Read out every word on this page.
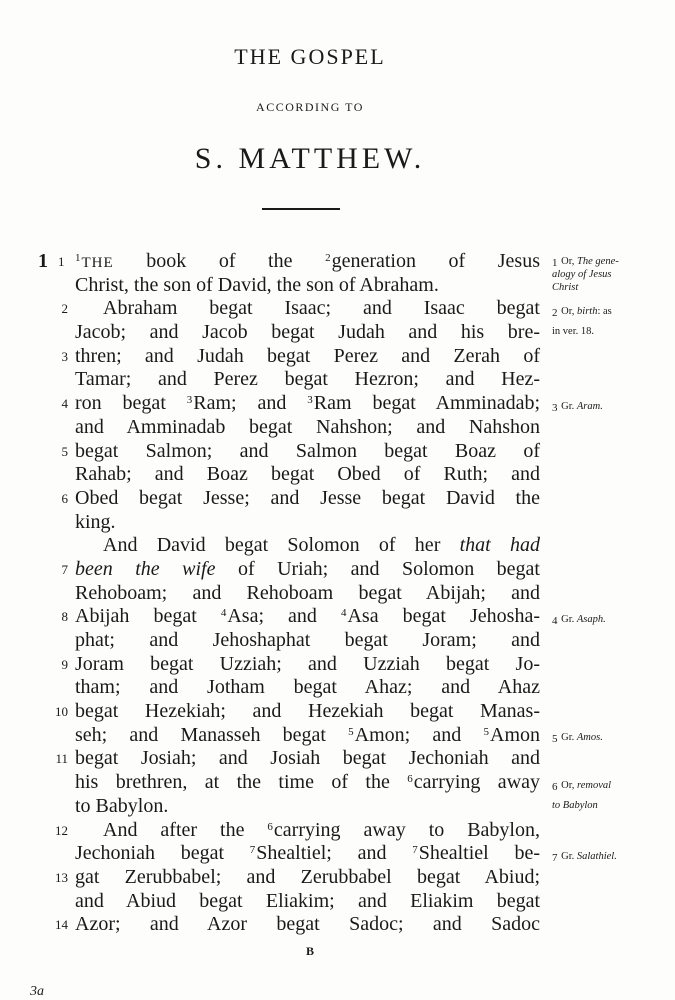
THE GOSPEL
ACCORDING TO
S. MATTHEW.
1 1 $^1$THE book of the $^2$generation of Jesus
Christ, the son of David, the son of Abraham.
2	Abraham begat Isaac; and Isaac begat
Jacob; and Jacob begat Judah and his bre-
3 thren; and Judah begat Perez and Zerah of
Tamar; and Perez begat Hezron; and Hez-
4 ron begat $^3$Ram; and $^3$Ram begat Amminadab;
and Amminadab begat Nahshon; and Nahshon
5 begat Salmon; and Salmon begat Boaz of
Rahab; and Boaz begat Obed of Ruth; and
6 Obed begat Jesse; and Jesse begat David the
king.
And David begat Solomon of her that had
7 been the wife of Uriah; and Solomon begat
Rehoboam; and Rehoboam begat Abijah; and
8 Abijah begat $^4$Asa; and $^4$Asa begat Jehosha-
phat; and Jehoshaphat begat Joram; and
9 Joram begat Uzziah; and Uzziah begat Jo-
tham; and Jotham begat Ahaz; and Ahaz
10 begat Hezekiah; and Hezekiah begat Manas-
seh; and Manasseh begat $^5$Amon; and $^5$Amon
11 begat Josiah; and Josiah begat Jechoniah and
his brethren, at the time of the $^6$carrying away
to Babylon.
12	And after the $^6$carrying away to Babylon,
Jechoniah begat $^7$Shealtiel; and $^7$Shealtiel be-
13 gat Zerubbabel; and Zerubbabel begat Abiud;
and Abiud begat Eliakim; and Eliakim begat
14 Azor; and Azor begat Sadoc; and Sadoc
1 Or, The gene-
alogy of Jesus
Christ
2 Or, birth: as
in ver. 18.
3 Gr. Aram.
4 Gr. Asaph.
5 Gr. Amos.
6 Or, removal
to Babylon
7 Gr. Salathiel.
B
3a
